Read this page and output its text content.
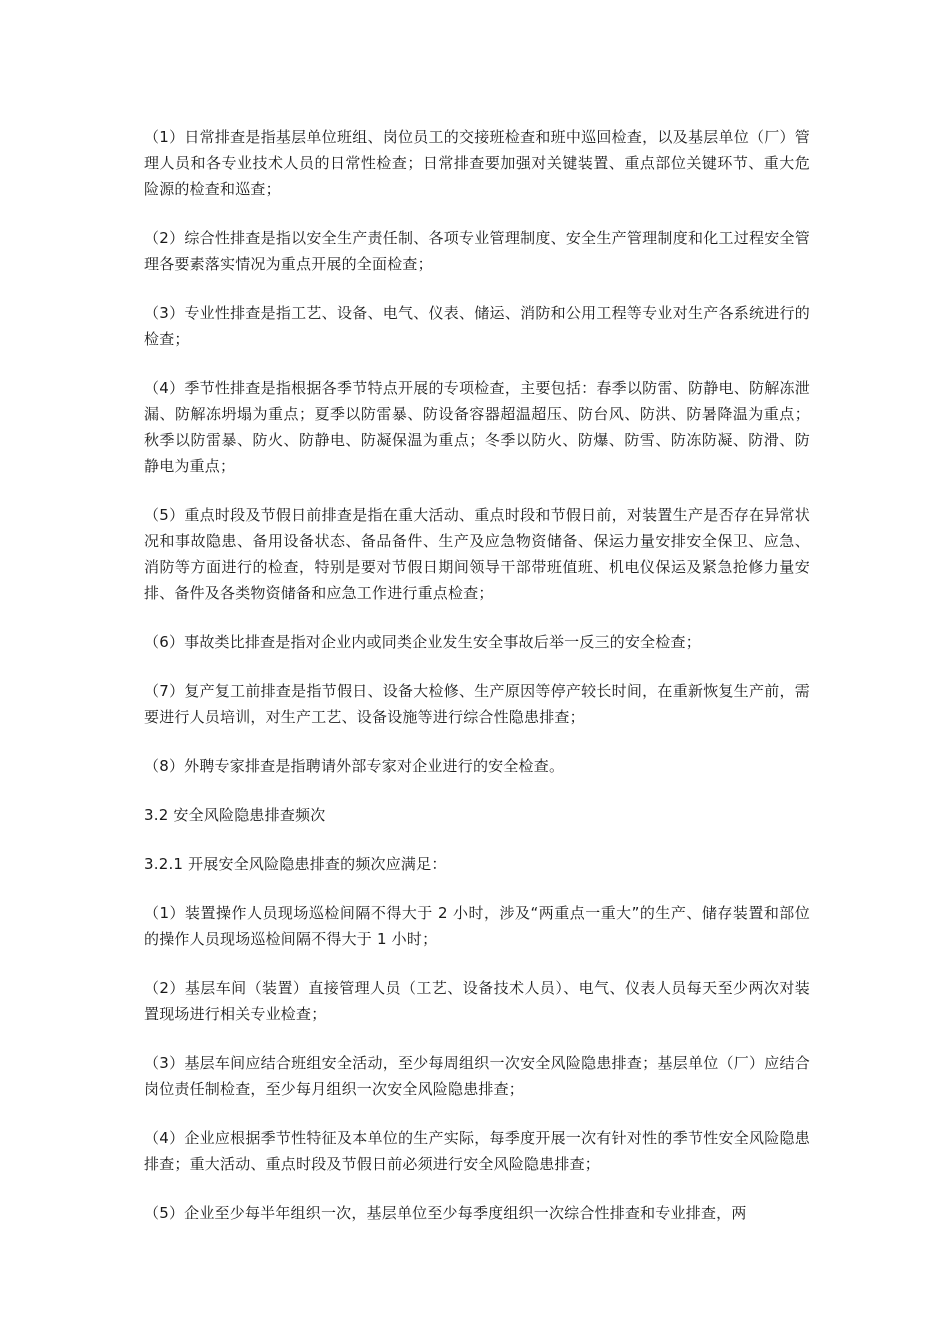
（1）日常排查是指基层单位班组、岗位员工的交接班检查和班中巡回检查，以及基层单位（厂）管理人员和各专业技术人员的日常性检查；日常排查要加强对关键装置、重点部位关键环节、重大危险源的检查和巡查；

（2）综合性排查是指以安全生产责任制、各项专业管理制度、安全生产管理制度和化工过程安全管理各要素落实情况为重点开展的全面检查；

（3）专业性排查是指工艺、设备、电气、仪表、储运、消防和公用工程等专业对生产各系统进行的检查；

（4）季节性排查是指根据各季节特点开展的专项检查，主要包括：春季以防雷、防静电、防解冻泄漏、防解冻坍塌为重点；夏季以防雷暴、防设备容器超温超压、防台风、防洪、防暑降温为重点；秋季以防雷暴、防火、防静电、防凝保温为重点；冬季以防火、防爆、防雪、防冻防凝、防滑、防静电为重点；

（5）重点时段及节假日前排查是指在重大活动、重点时段和节假日前，对装置生产是否存在异常状况和事故隐患、备用设备状态、备品备件、生产及应急物资储备、保运力量安排安全保卫、应急、消防等方面进行的检查，特别是要对节假日期间领导干部带班值班、机电仪保运及紧急抢修力量安排、备件及各类物资储备和应急工作进行重点检查；

（6）事故类比排查是指对企业内或同类企业发生安全事故后举一反三的安全检查；

（7）复产复工前排查是指节假日、设备大检修、生产原因等停产较长时间，在重新恢复生产前，需要进行人员培训，对生产工艺、设备设施等进行综合性隐患排查；

（8）外聘专家排查是指聘请外部专家对企业进行的安全检查。

3.2 安全风险隐患排查频次

3.2.1 开展安全风险隐患排查的频次应满足：

（1）装置操作人员现场巡检间隔不得大于 2 小时，涉及“两重点一重大”的生产、储存装置和部位的操作人员现场巡检间隔不得大于 1 小时；

（2）基层车间（装置）直接管理人员（工艺、设备技术人员）、电气、仪表人员每天至少两次对装置现场进行相关专业检查；

（3）基层车间应结合班组安全活动，至少每周组织一次安全风险隐患排查；基层单位（厂）应结合岗位责任制检查，至少每月组织一次安全风险隐患排查；

（4）企业应根据季节性特征及本单位的生产实际，每季度开展一次有针对性的季节性安全风险隐患排查；重大活动、重点时段及节假日前必须进行安全风险隐患排查；

（5）企业至少每半年组织一次，基层单位至少每季度组织一次综合性排查和专业排查，两
